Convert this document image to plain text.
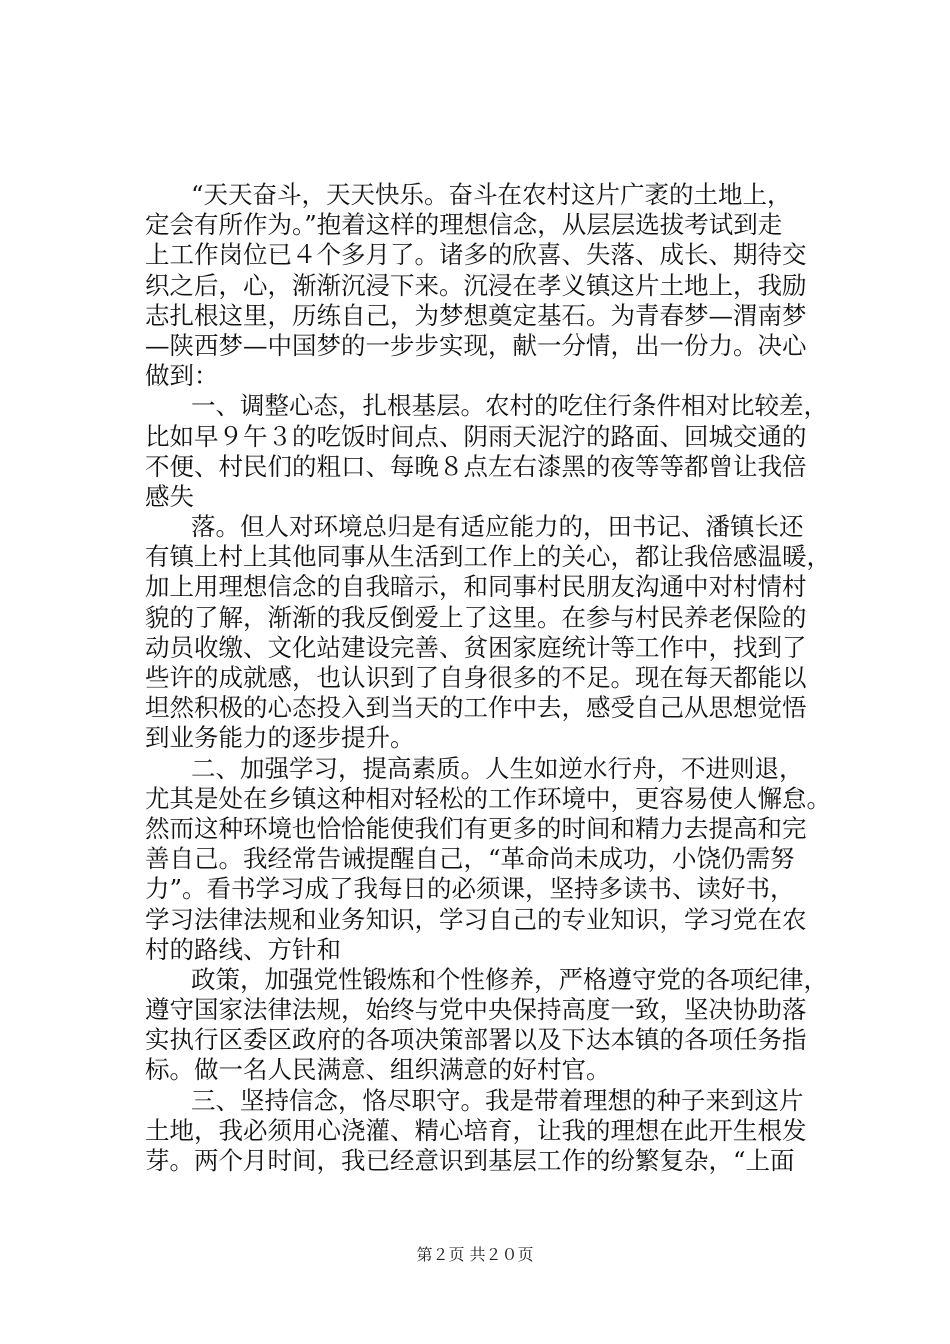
“天天奋斗，天天快乐。奋斗在农村这片广袤的土地上，
定会有所作为。”抱着这样的理想信念，从层层选拔考试到走
上工作岗位已４个多月了。诸多的欣喜、失落、成长、期待交
织之后，心，渐渐沉浸下来。沉浸在孝义镇这片土地上，我励
志扎根这里，历练自己，为梦想奠定基石。为青春梦—渭南梦
—陕西梦—中国梦的一步步实现，献一分情，出一份力。决心
做到：
一、调整心态，扎根基层。农村的吃住行条件相对比较差，
比如早９午３的吃饭时间点、阴雨天泥泞的路面、回城交通的
不便、村民们的粗口、每晚８点左右漆黑的夜等等都曾让我倍
感失
落。但人对环境总归是有适应能力的，田书记、潘镇长还
有镇上村上其他同事从生活到工作上的关心，都让我倍感温暖，
加上用理想信念的自我暗示，和同事村民朋友沟通中对村情村
貌的了解，渐渐的我反倒爱上了这里。在参与村民养老保险的
动员收缴、文化站建设完善、贫困家庭统计等工作中，找到了
些许的成就感，也认识到了自身很多的不足。现在每天都能以
坦然积极的心态投入到当天的工作中去，感受自己从思想觉悟
到业务能力的逐步提升。
二、加强学习，提高素质。人生如逆水行舟，不进则退，
尤其是处在乡镇这种相对轻松的工作环境中，更容易使人懈怠。
然而这种环境也恰恰能使我们有更多的时间和精力去提高和完
善自己。我经常告诫提醒自己，“革命尚未成功，小饶仍需努
力”。看书学习成了我每日的必须课，坚持多读书、读好书，
学习法律法规和业务知识，学习自己的专业知识，学习党在农
村的路线、方针和
政策，加强党性锻炼和个性修养，严格遵守党的各项纪律，
遵守国家法律法规，始终与党中央保持高度一致，坚决协助落
实执行区委区政府的各项决策部署以及下达本镇的各项任务指
标。做一名人民满意、组织满意的好村官。
三、坚持信念，恪尽职守。我是带着理想的种子来到这片
土地，我必须用心浇灌、精心培育，让我的理想在此开生根发
芽。两个月时间，我已经意识到基层工作的纷繁复杂，“上面
第２页 共２０页
